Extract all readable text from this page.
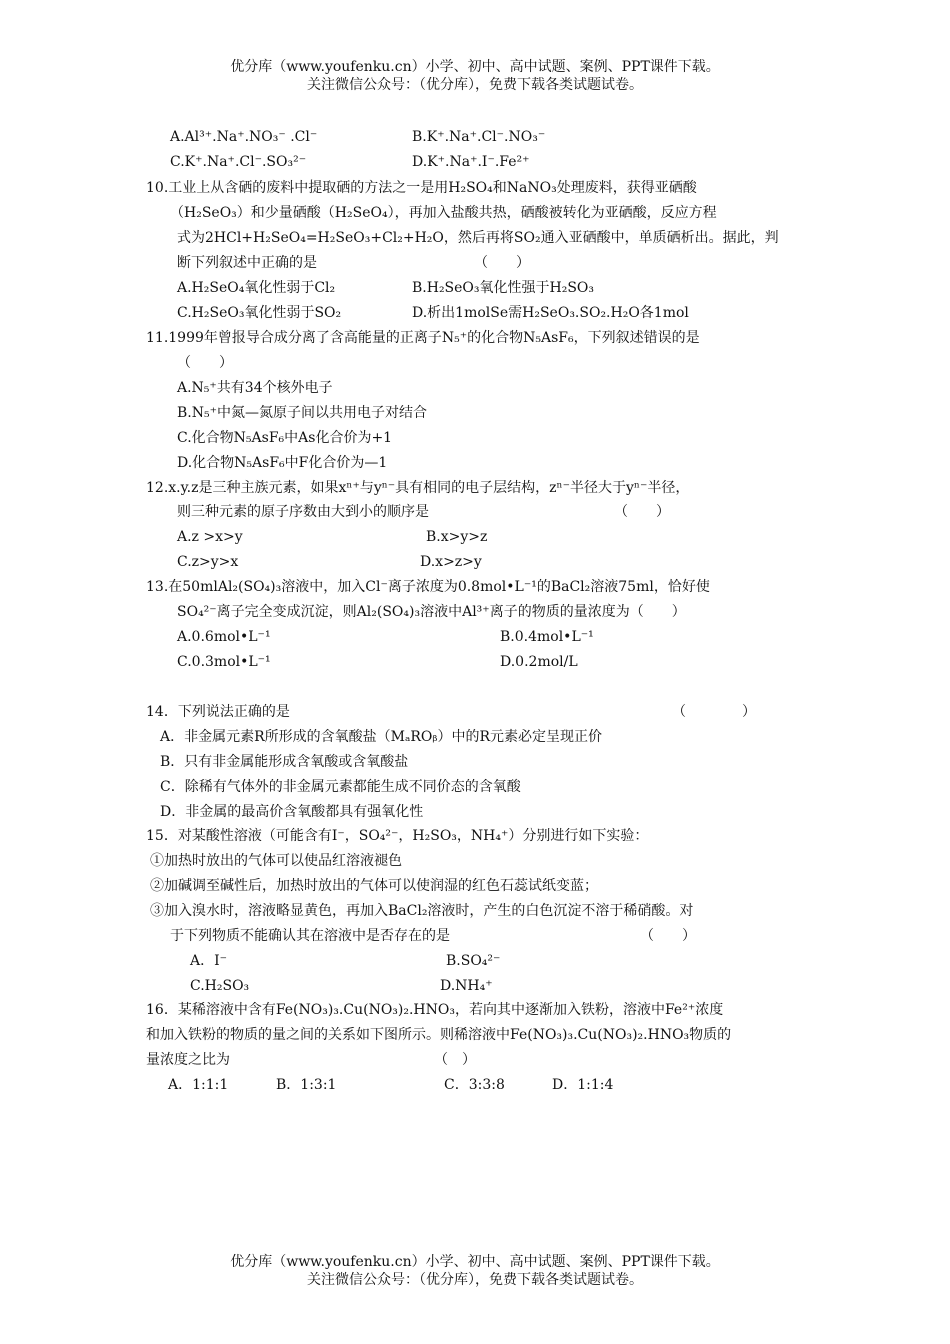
优分库（www.youfenku.cn）小学、初中、高中试题、案例、PPT课件下载。
关注微信公众号：（优分库），免费下载各类试题试卷。
A.Al³⁺.Na⁺.NO₃⁻ .Cl⁻	B.K⁺.Na⁺.Cl⁻.NO₃⁻
C.K⁺.Na⁺.Cl⁻.SO₃²⁻	D.K⁺.Na⁺.I⁻.Fe²⁺
10.工业上从含硒的废料中提取硒的方法之一是用H₂SO₄和NaNO₃处理废料，获得亚硒酸
（H₂SeO₃）和少量硒酸（H₂SeO₄），再加入盐酸共热，硒酸被转化为亚硒酸，反应方程
式为2HCl+H₂SeO₄=H₂SeO₃+Cl₂+H₂O，然后再将SO₂通入亚硒酸中，单质硒析出。据此，判
断下列叙述中正确的是	（　　）
A.H₂SeO₄氧化性弱于Cl₂	B.H₂SeO₃氧化性强于H₂SO₃
C.H₂SeO₃氧化性弱于SO₂	D.析出1molSe需H₂SeO₃.SO₂.H₂O各1mol
11.1999年曾报导合成分离了含高能量的正离子N₅⁺的化合物N₅AsF₆，下列叙述错误的是
（　　）
A.N₅⁺共有34个核外电子
B.N₅⁺中氮—氮原子间以共用电子对结合
C.化合物N₅AsF₆中As化合价为+1
D.化合物N₅AsF₆中F化合价为—1
12.x.y.z是三种主族元素，如果xⁿ⁺与yⁿ⁻具有相同的电子层结构，zⁿ⁻半径大于yⁿ⁻半径，
则三种元素的原子序数由大到小的顺序是	（　　）
A.z >x>y	B.x>y>z
C.z>y>x	D.x>z>y
13.在50mlAl₂(SO₄)₃溶液中，加入Cl⁻离子浓度为0.8mol•L⁻¹的BaCl₂溶液75ml，恰好使
SO₄²⁻离子完全变成沉淀，则Al₂(SO₄)₃溶液中Al³⁺离子的物质的量浓度为（　　）
A.0.6mol•L⁻¹	B.0.4mol•L⁻¹
C.0.3mol•L⁻¹	D.0.2mol/L
14．下列说法正确的是	（　　　　）
A．非金属元素R所形成的含氧酸盐（MₐROᵦ）中的R元素必定呈现正价
B．只有非金属能形成含氧酸或含氧酸盐
C．除稀有气体外的非金属元素都能生成不同价态的含氧酸
D．非金属的最高价含氧酸都具有强氧化性
15．对某酸性溶液（可能含有I⁻，SO₄²⁻，H₂SO₃，NH₄⁺）分别进行如下实验：
①加热时放出的气体可以使品红溶液褪色
②加碱调至碱性后，加热时放出的气体可以使润湿的红色石蕊试纸变蓝；
③加入溴水时，溶液略显黄色，再加入BaCl₂溶液时，产生的白色沉淀不溶于稀硝酸。对
于下列物质不能确认其在溶液中是否存在的是	（　　）
A．I⁻	B.SO₄²⁻
C.H₂SO₃	D.NH₄⁺
16．某稀溶液中含有Fe(NO₃)₃.Cu(NO₃)₂.HNO₃，若向其中逐渐加入铁粉，溶液中Fe²⁺浓度
和加入铁粉的物质的量之间的关系如下图所示。则稀溶液中Fe(NO₃)₃.Cu(NO₃)₂.HNO₃物质的
量浓度之比为	（　）
A．1:1:1	B．1:3:1	C．3:3:8	D．1:1:4
优分库（www.youfenku.cn）小学、初中、高中试题、案例、PPT课件下载。
关注微信公众号：（优分库），免费下载各类试题试卷。
